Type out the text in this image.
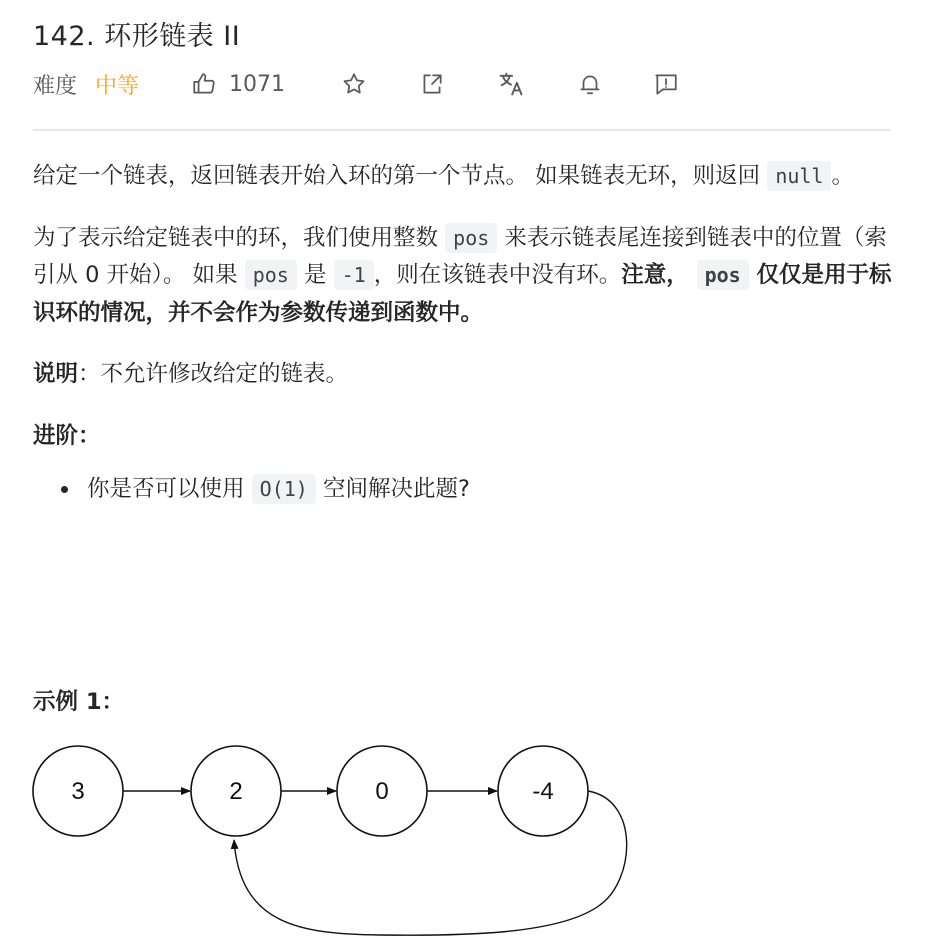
142. 环形链表 II
难度 中等	1071

给定一个链表，返回链表开始入环的第一个节点。 如果链表无环，则返回 null 。

为了表示给定链表中的环，我们使用整数 pos 来表示链表尾连接到链表中的位置（索引从 0 开始）。 如果 pos 是 -1 ，则在该链表中没有环。注意， pos 仅仅是用于标识环的情况，并不会作为参数传递到函数中。

说明：不允许修改给定的链表。

进阶：

• 你是否可以使用 O(1) 空间解决此题?
示例 1：
3	2	0	-4
